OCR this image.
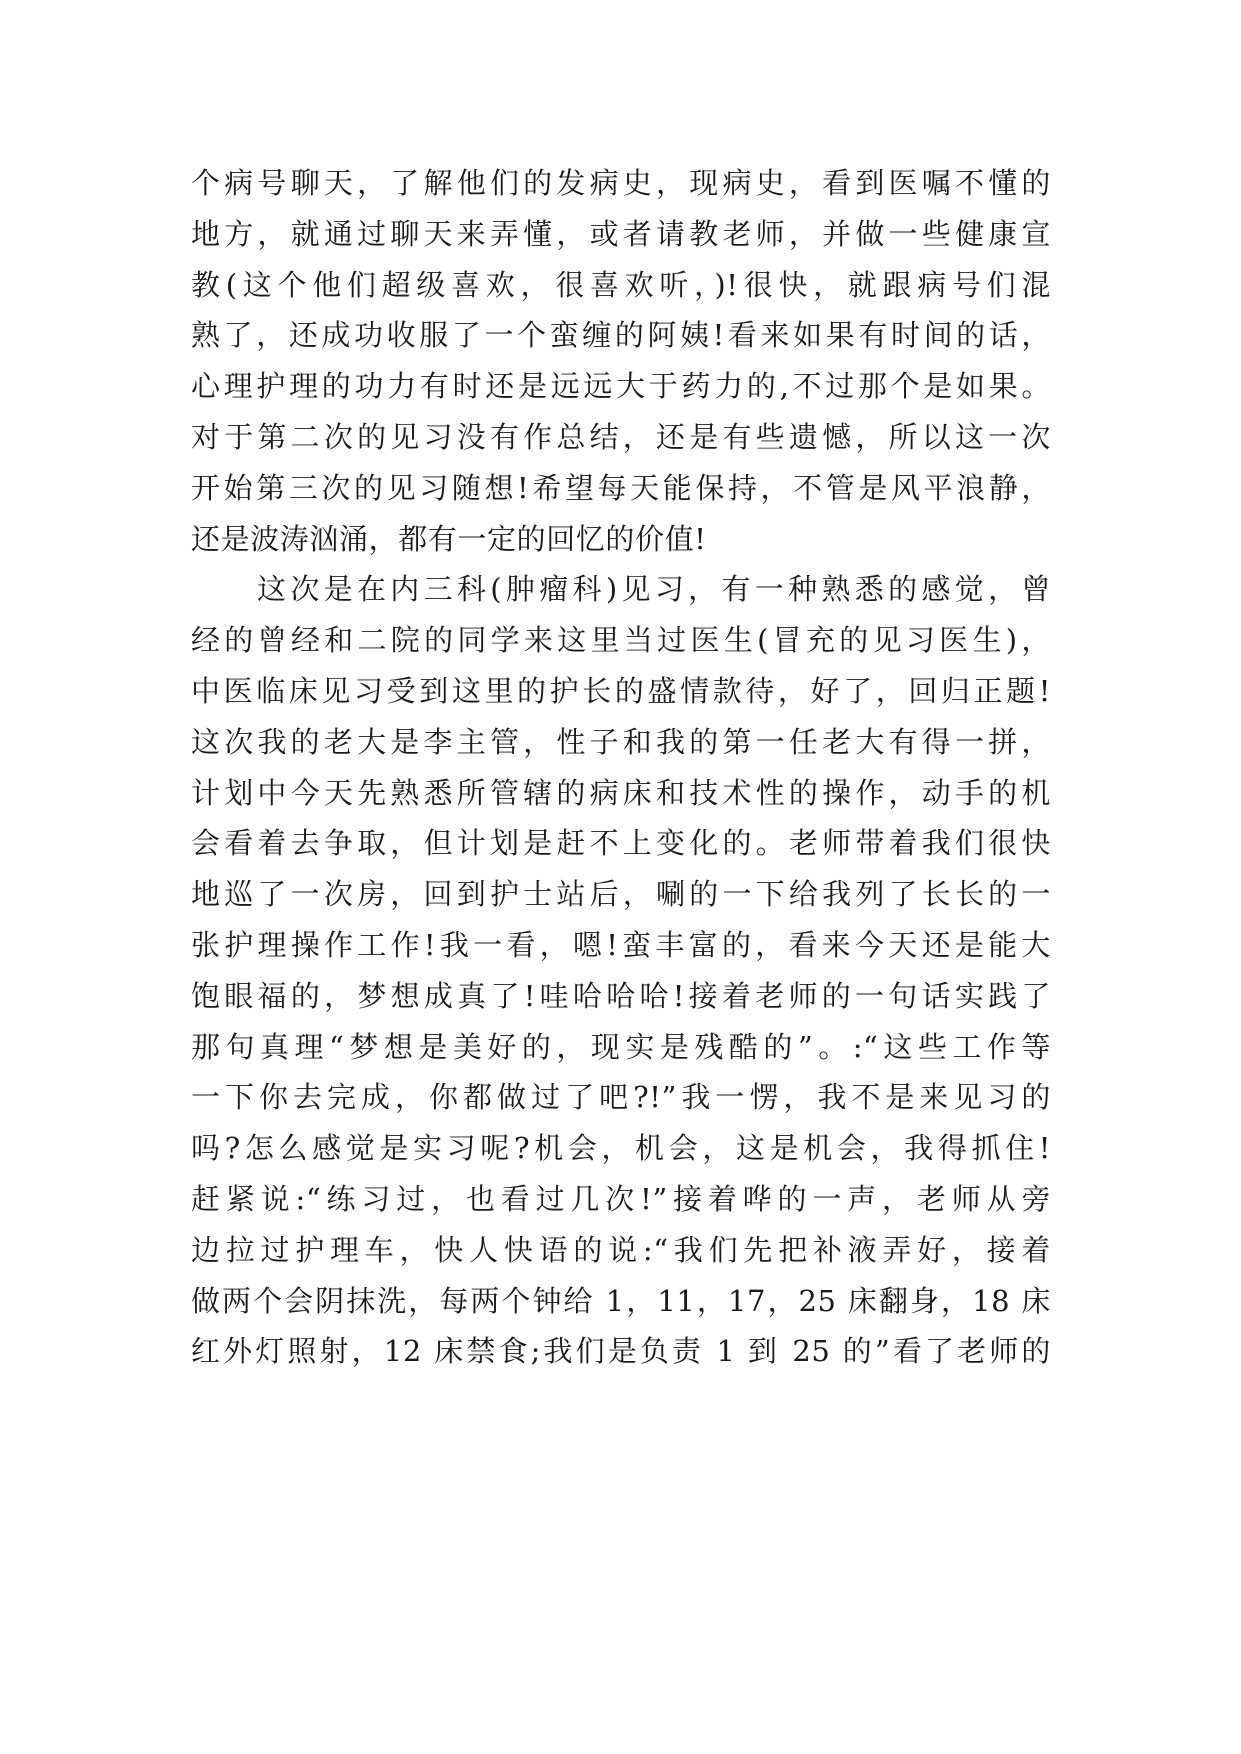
个病号聊天，了解他们的发病史，现病史，看到医嘱不懂的
地方，就通过聊天来弄懂，或者请教老师，并做一些健康宣
教(这个他们超级喜欢，很喜欢听，)!很快，就跟病号们混
熟了，还成功收服了一个蛮缠的阿姨!看来如果有时间的话，
心理护理的功力有时还是远远大于药力的,不过那个是如果。
对于第二次的见习没有作总结，还是有些遗憾，所以这一次
开始第三次的见习随想!希望每天能保持，不管是风平浪静，
还是波涛汹涌，都有一定的回忆的价值!
这次是在内三科(肿瘤科)见习，有一种熟悉的感觉，曾
经的曾经和二院的同学来这里当过医生(冒充的见习医生)，
中医临床见习受到这里的护长的盛情款待，好了，回归正题!
这次我的老大是李主管，性子和我的第一任老大有得一拼，
计划中今天先熟悉所管辖的病床和技术性的操作，动手的机
会看着去争取，但计划是赶不上变化的。老师带着我们很快
地巡了一次房，回到护士站后，唰的一下给我列了长长的一
张护理操作工作!我一看，嗯!蛮丰富的，看来今天还是能大
饱眼福的，梦想成真了!哇哈哈哈!接着老师的一句话实践了
那句真理“梦想是美好的，现实是残酷的”。:“这些工作等
一下你去完成，你都做过了吧?!”我一愣，我不是来见习的
吗?怎么感觉是实习呢?机会，机会，这是机会，我得抓住!
赶紧说:“练习过，也看过几次!”接着哗的一声，老师从旁
边拉过护理车，快人快语的说:“我们先把补液弄好，接着
做两个会阴抹洗，每两个钟给 1，11，17，25 床翻身，18 床
红外灯照射，12 床禁食;我们是负责 1 到 25 的”看了老师的
